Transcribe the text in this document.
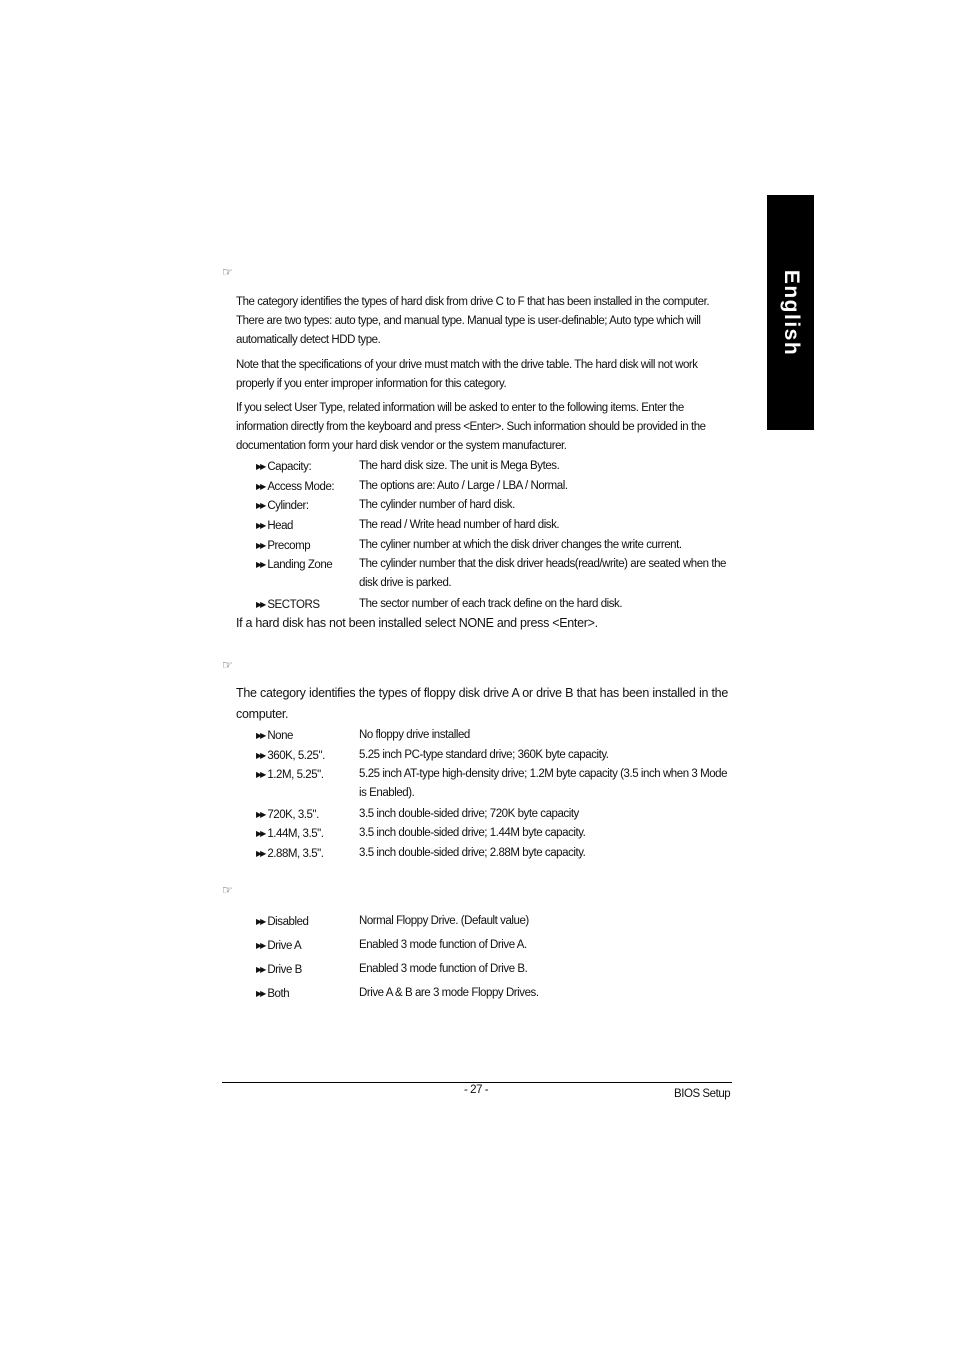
English
☞

The category identifies the types of hard disk from drive C to F that has been installed in the computer. There are two types: auto type, and manual type. Manual type is user-definable; Auto type which will automatically detect HDD type.

Note that the specifications of your drive must match with the drive table. The hard disk will not work properly if you enter improper information for this category.

If you select User Type, related information will be asked to enter to the following items. Enter the information directly from the keyboard and press <Enter>. Such information should be provided in the documentation form your hard disk vendor or the system manufacturer.

▶▶ Capacity:	The hard disk size. The unit is Mega Bytes.
▶▶ Access Mode:	The options are: Auto / Large / LBA / Normal.
▶▶ Cylinder:	The cylinder number of hard disk.
▶▶ Head	The read / Write head number of hard disk.
▶▶ Precomp	The cyliner number at which the disk driver changes the write current.
▶▶ Landing Zone	The cylinder number that the disk driver heads(read/write) are seated when the disk drive is parked.
▶▶ SECTORS	The sector number of each track define on the hard disk.

If a hard disk has not been installed select NONE and press <Enter>.

☞

The category identifies the types of floppy disk drive A or drive B that has been installed in the computer.

▶▶ None	No floppy drive installed
▶▶ 360K, 5.25".	5.25 inch PC-type standard drive; 360K byte capacity.
▶▶ 1.2M, 5.25".	5.25 inch AT-type high-density drive; 1.2M byte capacity (3.5 inch when 3 Mode is Enabled).
▶▶ 720K, 3.5".	3.5 inch double-sided drive; 720K byte capacity
▶▶ 1.44M, 3.5".	3.5 inch double-sided drive; 1.44M byte capacity.
▶▶ 2.88M, 3.5".	3.5 inch double-sided drive; 2.88M byte capacity.
☞
▶▶ Disabled	Normal Floppy Drive. (Default value)
▶▶ Drive A	Enabled 3 mode function of Drive A.
▶▶ Drive B	Enabled 3 mode function of Drive B.
▶▶ Both	Drive A & B are 3 mode Floppy Drives.
- 27 -	BIOS Setup
